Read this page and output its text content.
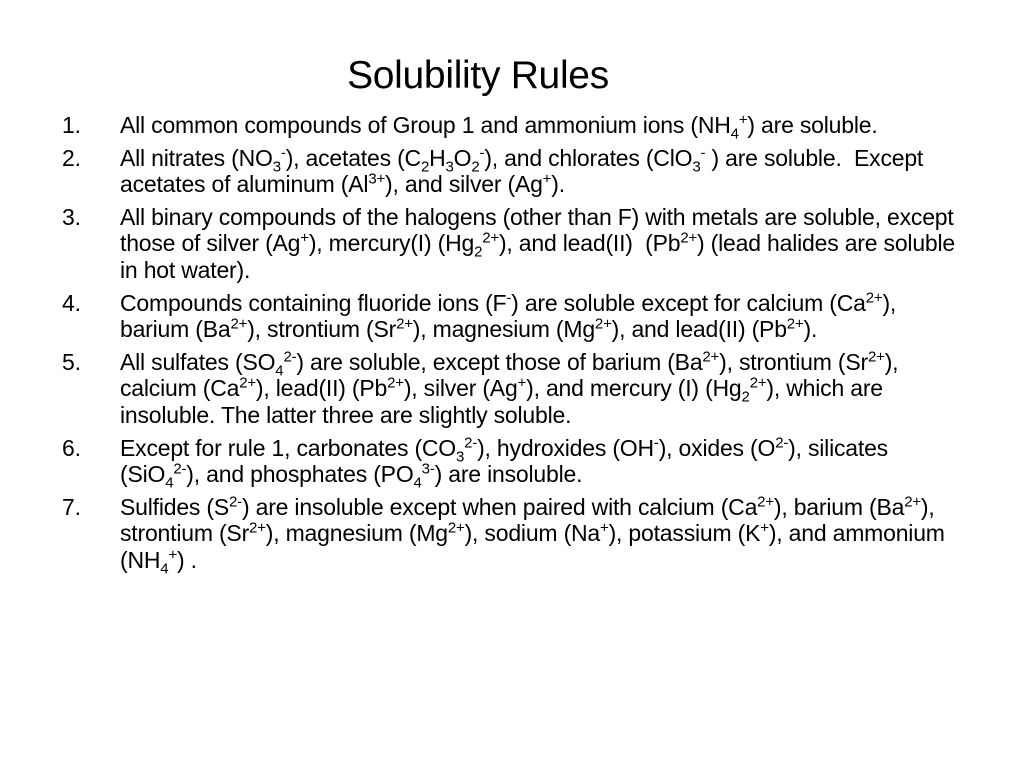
Solubility Rules
1. All common compounds of Group 1 and ammonium ions $(NH_4^+)$ are soluble.
2. All nitrates $(NO_3^-)$, acetates $(C_2H_3O_2^-)$, and chlorates (ClO$_3$- ) are soluble.  Except acetates of aluminum $(Al^{3+})$, and silver (Ag+).
3. All binary compounds of the halogens (other than F) with metals are soluble, except those of silver (Ag+), mercury(I) $(Hg_2^{2+})$, and lead(II)  $(Pb^{2+})$ (lead halides are soluble in hot water).
4. Compounds containing fluoride ions (F-) are soluble except for calcium $(Ca^{2+})$, barium $(Ba^{2+})$, strontium $(Sr^{2+})$, magnesium $(Mg^{2+})$, and lead(II) $(Pb^{2+})$.
5. All sulfates $(SO_4^{2-})$ are soluble, except those of barium $(Ba^{2+})$, strontium $(Sr^{2+})$, calcium $(Ca^{2+})$, lead(II) $(Pb^{2+})$, silver (Ag+), and mercury (I) $(Hg_2^{2+})$, which are insoluble. The latter three are slightly soluble.
6. Except for rule 1, carbonates $(CO_3^{2-})$, hydroxides (OH-), oxides $(O^{2-})$, silicates (SiO$_4^{2-}$), and phosphates $(PO_4^{3-})$ are insoluble.
7. Sulfides $(S^{2-})$ are insoluble except when paired with calcium $(Ca^{2+})$, barium $(Ba^{2+})$, strontium $(Sr^{2+})$, magnesium $(Mg^{2+})$, sodium (Na+), potassium (K+), and ammonium $(NH_4^+)$ .
